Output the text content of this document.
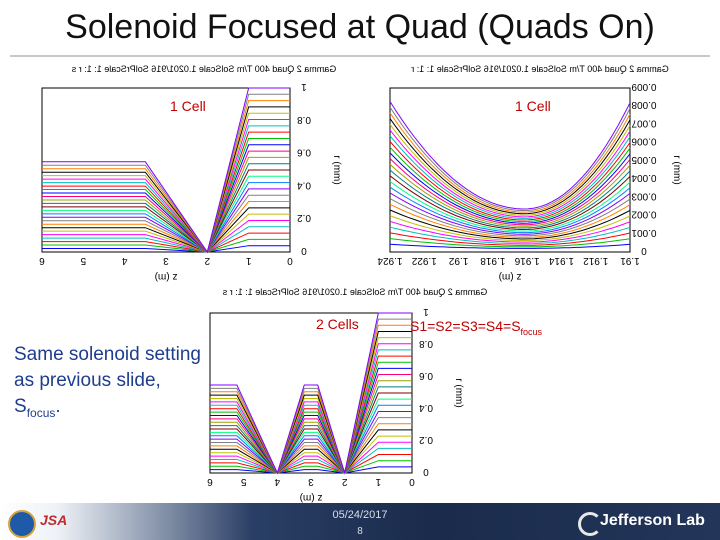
Solenoid Focused at Quad (Quads On)
Gamma 2 Quad 400 T/m SolScale 1.0201/916 SolPrScale 1: 1: r s
6	5	4	3	2	1	0
1
0.8
0.6
0.4
0.2
0
z (m)
r (mm)
1 Cell
Gamma 2 Quad 400 T/m SolScale 1.0201/916 SolPrScale 1: 1: r
1.924 1.922 1.92 1.918 1.916 1.914 1.912 1.91
0.009
0.008
0.007
0.006
0.005
0.004
0.003
0.002
0.001
0
z (m)
r (mm)
1 Cell
Gamma 2 Quad 400 T/m SolScale 1.0201/916 SolPrScale 1: 1: r s
6	5	4	3	2	1	0
1
0.8
0.6
0.4
0.2
0
z (m)
r (mm)
2 Cells	$S1=S2=S3=S4=S_{focus}$
Same solenoid setting as previous slide, $S_{focus}$.
JSA	05/24/2017
8
Jefferson Lab
